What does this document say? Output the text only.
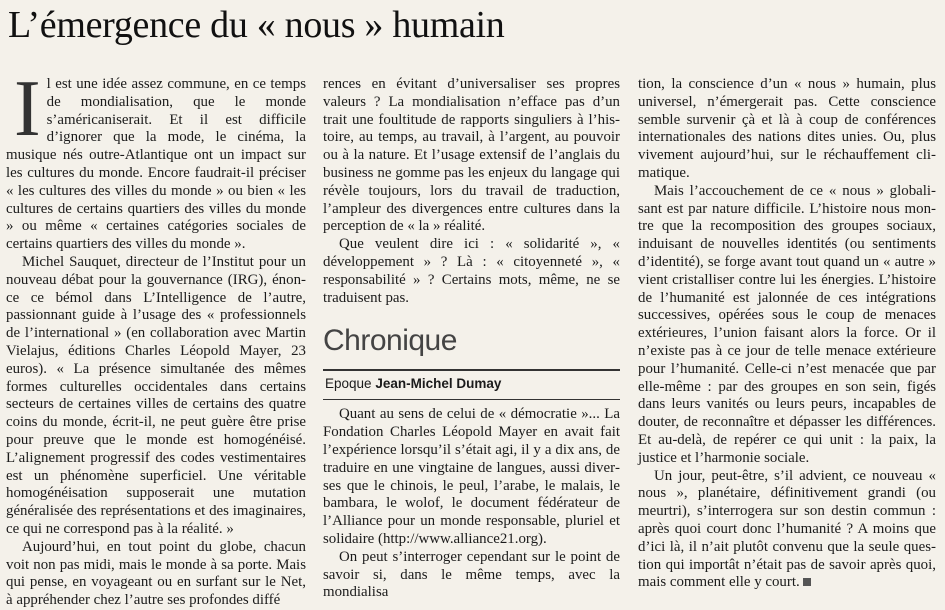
L’émergence du « nous » humain
I l est une idée assez commune, en ce temps de mondialisation, que le monde s’américaniserait. Et il est difficile d’ignorer que la mode, le cinéma, la musique nés outre-Atlantique ont un impact sur les cultures du monde. Encore faudrait-il préciser « les cultures des villes du monde » ou bien « les cultures de certains quartiers des villes du monde » ou même « certaines catégories sociales de certains quartiers des villes du monde ».

Michel Sauquet, directeur de l’Institut pour un nouveau débat pour la gouvernance (IRG), énonce ce bémol dans L’Intelligence de l’autre, passionnant guide à l’usage des « professionnels de l’international » (en collaboration avec Martin Vielajus, éditions Charles Léopold Mayer, 23 euros). « La présence simultanée des mêmes formes culturelles occidentales dans certains secteurs de certaines villes de certains des quatre coins du monde, écrit-il, ne peut guère être prise pour preuve que le monde est homogénéisé. L’alignement progressif des codes vestimentaires est un phénomène superficiel. Une véritable homogénéisation supposerait une mutation généralisée des représentations et des imaginaires, ce qui ne correspond pas à la réalité. »

Aujourd’hui, en tout point du globe, chacun voit non pas midi, mais le monde à sa porte. Mais qui pense, en voyageant ou en surfant sur le Net, à appréhender chez l’autre ses profondes diffé

rences en évitant d’universaliser ses propres valeurs ? La mondialisation n’efface pas d’un trait une foultitude de rapports singuliers à l’histoire, au temps, au travail, à l’argent, au pouvoir ou à la nature. Et l’usage extensif de l’anglais du business ne gomme pas les enjeux du langage qui révèle toujours, lors du travail de traduction, l’ampleur des divergences entre cultures dans la perception de « la » réalité.

Que veulent dire ici : « solidarité », « développement » ? Là : « citoyenneté », « responsabilité » ? Certains mots, même, ne se traduisent pas.

Chronique
Epoque Jean-Michel Dumay

Quant au sens de celui de « démocratie »... La Fondation Charles Léopold Mayer en avait fait l’expérience lorsqu’il s’était agi, il y a dix ans, de traduire en une vingtaine de langues, aussi diverses que le chinois, le peul, l’arabe, le malais, le bambara, le wolof, le document fédérateur de l’Alliance pour un monde responsable, pluriel et solidaire (http://www.alliance21.org).

On peut s’interroger cependant sur le point de savoir si, dans le même temps, avec la mondialisa

tion, la conscience d’un « nous » humain, plus universel, n’émergerait pas. Cette conscience semble survenir çà et là à coup de conférences internationales des nations dites unies. Ou, plus vivement aujourd’hui, sur le réchauffement climatique.

Mais l’accouchement de ce « nous » globalisant est par nature difficile. L’histoire nous montre que la recomposition des groupes sociaux, induisant de nouvelles identités (ou sentiments d’identité), se forge avant tout quand un « autre » vient cristalliser contre lui les énergies. L’histoire de l’humanité est jalonnée de ces intégrations successives, opérées sous le coup de menaces extérieures, l’union faisant alors la force. Or il n’existe pas à ce jour de telle menace extérieure pour l’humanité. Celle-ci n’est menacée que par elle-même : par des groupes en son sein, figés dans leurs vanités ou leurs peurs, incapables de douter, de reconnaître et dépasser les différences. Et au-delà, de repérer ce qui unit : la paix, la justice et l’harmonie sociale.

Un jour, peut-être, s’il advient, ce nouveau « nous », planétaire, définitivement grandi (ou meurtri), s’interrogera sur son destin commun : après quoi court donc l’humanité ? A moins que d’ici là, il n’ait plutôt convenu que la seule question qui importât n’était pas de savoir après quoi, mais comment elle y court.
